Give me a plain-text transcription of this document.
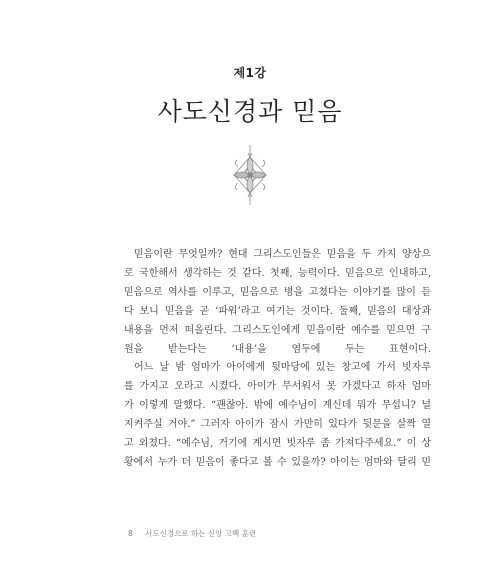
제1강
사도신경과 믿음

믿음이란 무엇일까? 현대 그리스도인들은 믿음을 두 가지 양상으
로 국한해서 생각하는 것 같다. 첫째, 능력이다. 믿음으로 인내하고,
믿음으로 역사를 이루고, 믿음으로 병을 고쳤다는 이야기를 많이 듣
다 보니 믿음을 곧 ‘파워’라고 여기는 것이다. 둘째, 믿음의 대상과
내용을 먼저 떠올린다. 그리스도인에게 믿음이란 예수를 믿으면 구
원을 받는다는 ‘내용’을 염두에 두는 표현이다.

어느 날 밤 엄마가 아이에게 뒷마당에 있는 창고에 가서 빗자루
를 가지고 오라고 시켰다. 아이가 무서워서 못 가겠다고 하자 엄마
가 이렇게 말했다. “괜찮아. 밖에 예수님이 계신데 뭐가 무섭니? 널
지켜주실 거야.” 그러자 아이가 잠시 가만히 있다가 뒷문을 살짝 열
고 외쳤다. “예수님, 거기에 계시면 빗자루 좀 가져다주세요.” 이 상
황에서 누가 더 믿음이 좋다고 볼 수 있을까? 아이는 엄마와 달리 믿

8 사도신경으로 하는 신앙 고백 훈련
